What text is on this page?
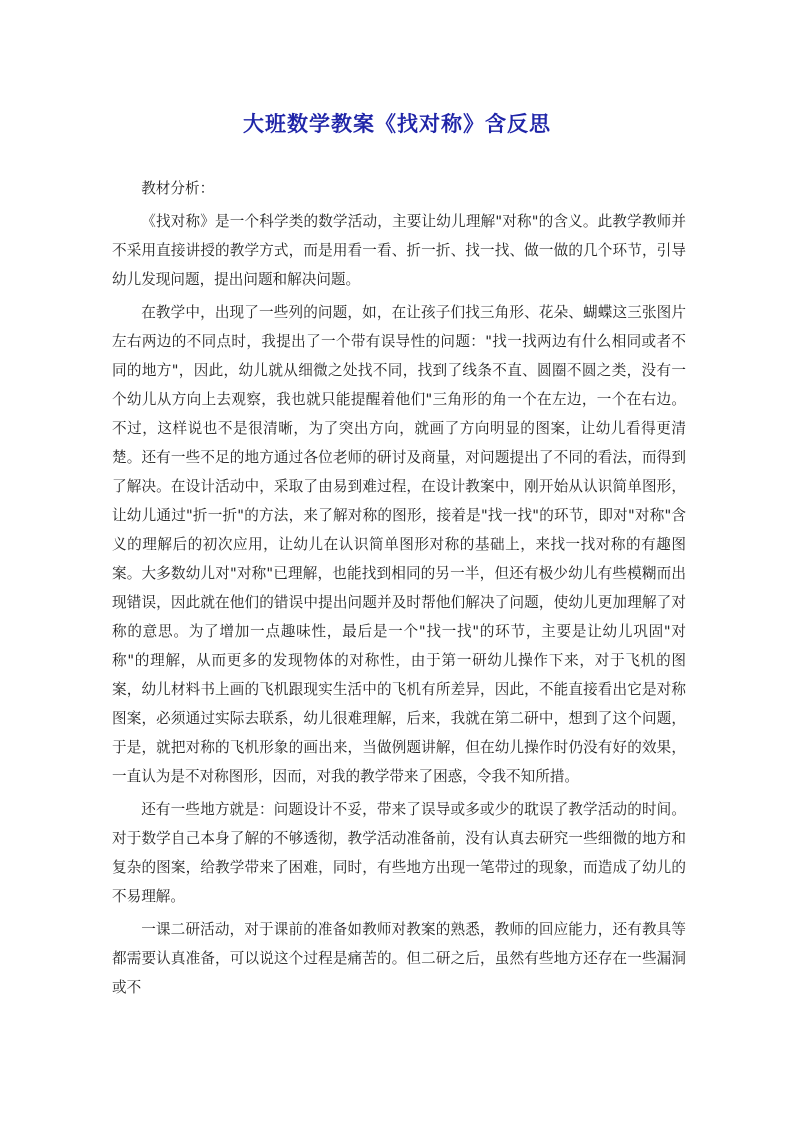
大班数学教案《找对称》含反思

教材分析：

《找对称》是一个科学类的数学活动，主要让幼儿理解"对称"的含义。此教学教师并不采用直接讲授的教学方式，而是用看一看、折一折、找一找、做一做的几个环节，引导幼儿发现问题，提出问题和解决问题。

在教学中，出现了一些列的问题，如，在让孩子们找三角形、花朵、蝴蝶这三张图片左右两边的不同点时，我提出了一个带有误导性的问题："找一找两边有什么相同或者不同的地方"，因此，幼儿就从细微之处找不同，找到了线条不直、圆圈不圆之类，没有一个幼儿从方向上去观察，我也就只能提醒着他们"三角形的角一个在左边，一个在右边。不过，这样说也不是很清晰，为了突出方向，就画了方向明显的图案，让幼儿看得更清楚。还有一些不足的地方通过各位老师的研讨及商量，对问题提出了不同的看法，而得到了解决。在设计活动中，采取了由易到难过程，在设计教案中，刚开始从认识简单图形，让幼儿通过"折一折"的方法，来了解对称的图形，接着是"找一找"的环节，即对"对称"含义的理解后的初次应用，让幼儿在认识简单图形对称的基础上，来找一找对称的有趣图案。大多数幼儿对"对称"已理解，也能找到相同的另一半，但还有极少幼儿有些模糊而出现错误，因此就在他们的错误中提出问题并及时帮他们解决了问题，使幼儿更加理解了对称的意思。为了增加一点趣味性，最后是一个"找一找"的环节，主要是让幼儿巩固"对称"的理解，从而更多的发现物体的对称性，由于第一研幼儿操作下来，对于飞机的图案，幼儿材料书上画的飞机跟现实生活中的飞机有所差异，因此，不能直接看出它是对称图案，必须通过实际去联系，幼儿很难理解，后来，我就在第二研中，想到了这个问题，于是，就把对称的飞机形象的画出来，当做例题讲解，但在幼儿操作时仍没有好的效果，一直认为是不对称图形，因而，对我的教学带来了困惑，令我不知所措。

还有一些地方就是：问题设计不妥，带来了误导或多或少的耽误了教学活动的时间。对于数学自己本身了解的不够透彻，教学活动准备前，没有认真去研究一些细微的地方和复杂的图案，给教学带来了困难，同时，有些地方出现一笔带过的现象，而造成了幼儿的不易理解。

一课二研活动，对于课前的准备如教师对教案的熟悉，教师的回应能力，还有教具等都需要认真准备，可以说这个过程是痛苦的。但二研之后，虽然有些地方还存在一些漏洞或不
